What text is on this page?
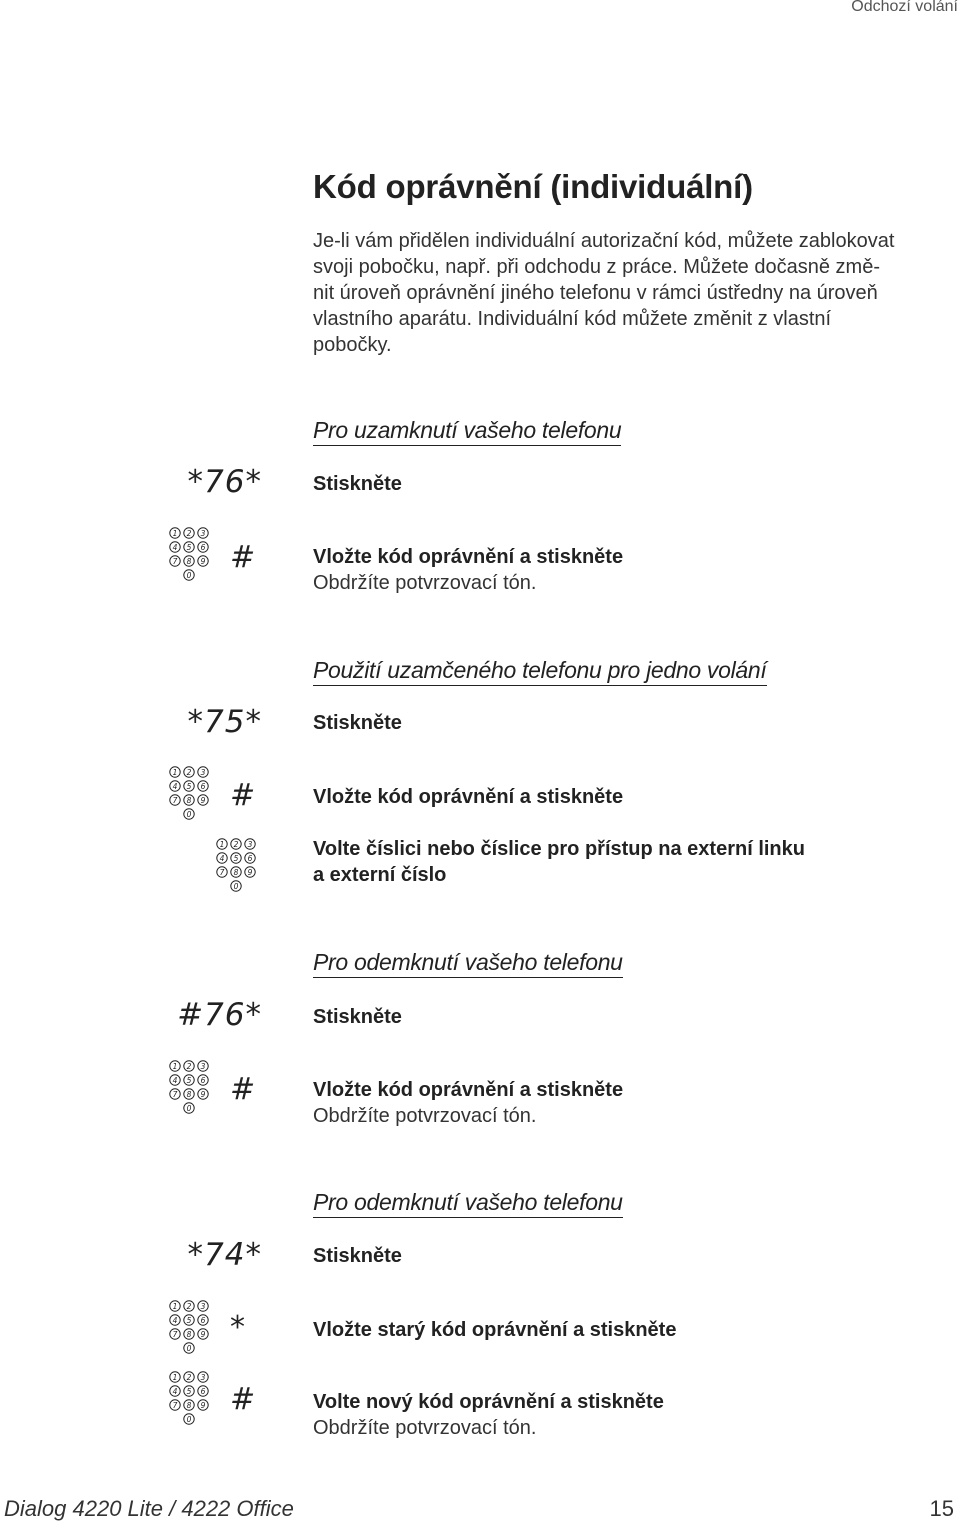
Odchozí volání
Kód oprávnění (individuální)

Je-li vám přidělen individuální autorizační kód, můžete zablokovat

svoji pobočku, např. při odchodu z práce. Můžete dočasně změ-

nit úroveň oprávnění jiného telefonu v rámci ústředny na úroveň

vlastního aparátu. Individuální kód můžete změnit z vlastní

pobočky.

Pro uzamknutí vašeho telefonu
*76*	Stiskněte
1 2 3
4 5 6
7 8 9
0
#	Vložte kód oprávnění a stiskněte
Obdržíte potvrzovací tón.
Použití uzamčeného telefonu pro jedno volání
*75*	Stiskněte
1 2 3
4 5 6
7 8 9
0
#	Vložte kód oprávnění a stiskněte
1 2 3
4 5 6
7 8 9
0
Volte číslici nebo číslice pro přístup na externí linku
a externí číslo
Pro odemknutí vašeho telefonu
#76*	Stiskněte
1 2 3
4 5 6
7 8 9
0
#	Vložte kód oprávnění a stiskněte
Obdržíte potvrzovací tón.
Pro odemknutí vašeho telefonu
*74*	Stiskněte
1 2 3
4 5 6
7 8 9
0
*	Vložte starý kód oprávnění a stiskněte
1 2 3
4 5 6
7 8 9
0
#	Volte nový kód oprávnění a stiskněte
Obdržíte potvrzovací tón.
Dialog 4220 Lite / 4222 Office	15
